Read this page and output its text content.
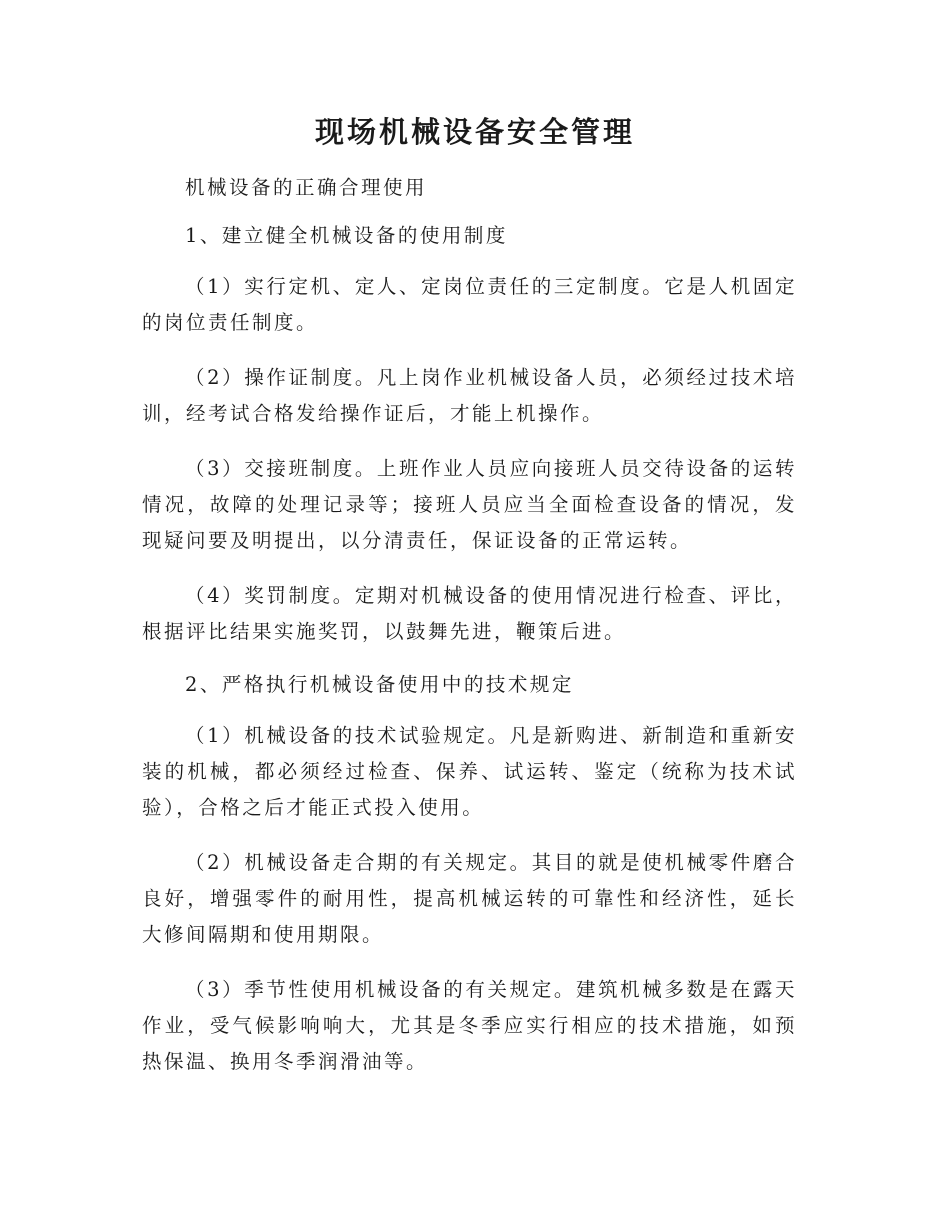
现场机械设备安全管理
机械设备的正确合理使用
1、建立健全机械设备的使用制度
（1）实行定机、定人、定岗位责任的三定制度。它是人机固定的岗位责任制度。
（2）操作证制度。凡上岗作业机械设备人员，必须经过技术培训，经考试合格发给操作证后，才能上机操作。
（3）交接班制度。上班作业人员应向接班人员交待设备的运转情况，故障的处理记录等；接班人员应当全面检查设备的情况，发现疑问要及明提出，以分清责任，保证设备的正常运转。
（4）奖罚制度。定期对机械设备的使用情况进行检查、评比，根据评比结果实施奖罚，以鼓舞先进，鞭策后进。
2、严格执行机械设备使用中的技术规定
（1）机械设备的技术试验规定。凡是新购进、新制造和重新安装的机械，都必须经过检查、保养、试运转、鉴定（统称为技术试验），合格之后才能正式投入使用。
（2）机械设备走合期的有关规定。其目的就是使机械零件磨合良好，增强零件的耐用性，提高机械运转的可靠性和经济性，延长大修间隔期和使用期限。
（3）季节性使用机械设备的有关规定。建筑机械多数是在露天作业，受气候影响响大，尤其是冬季应实行相应的技术措施，如预热保温、换用冬季润滑油等。
